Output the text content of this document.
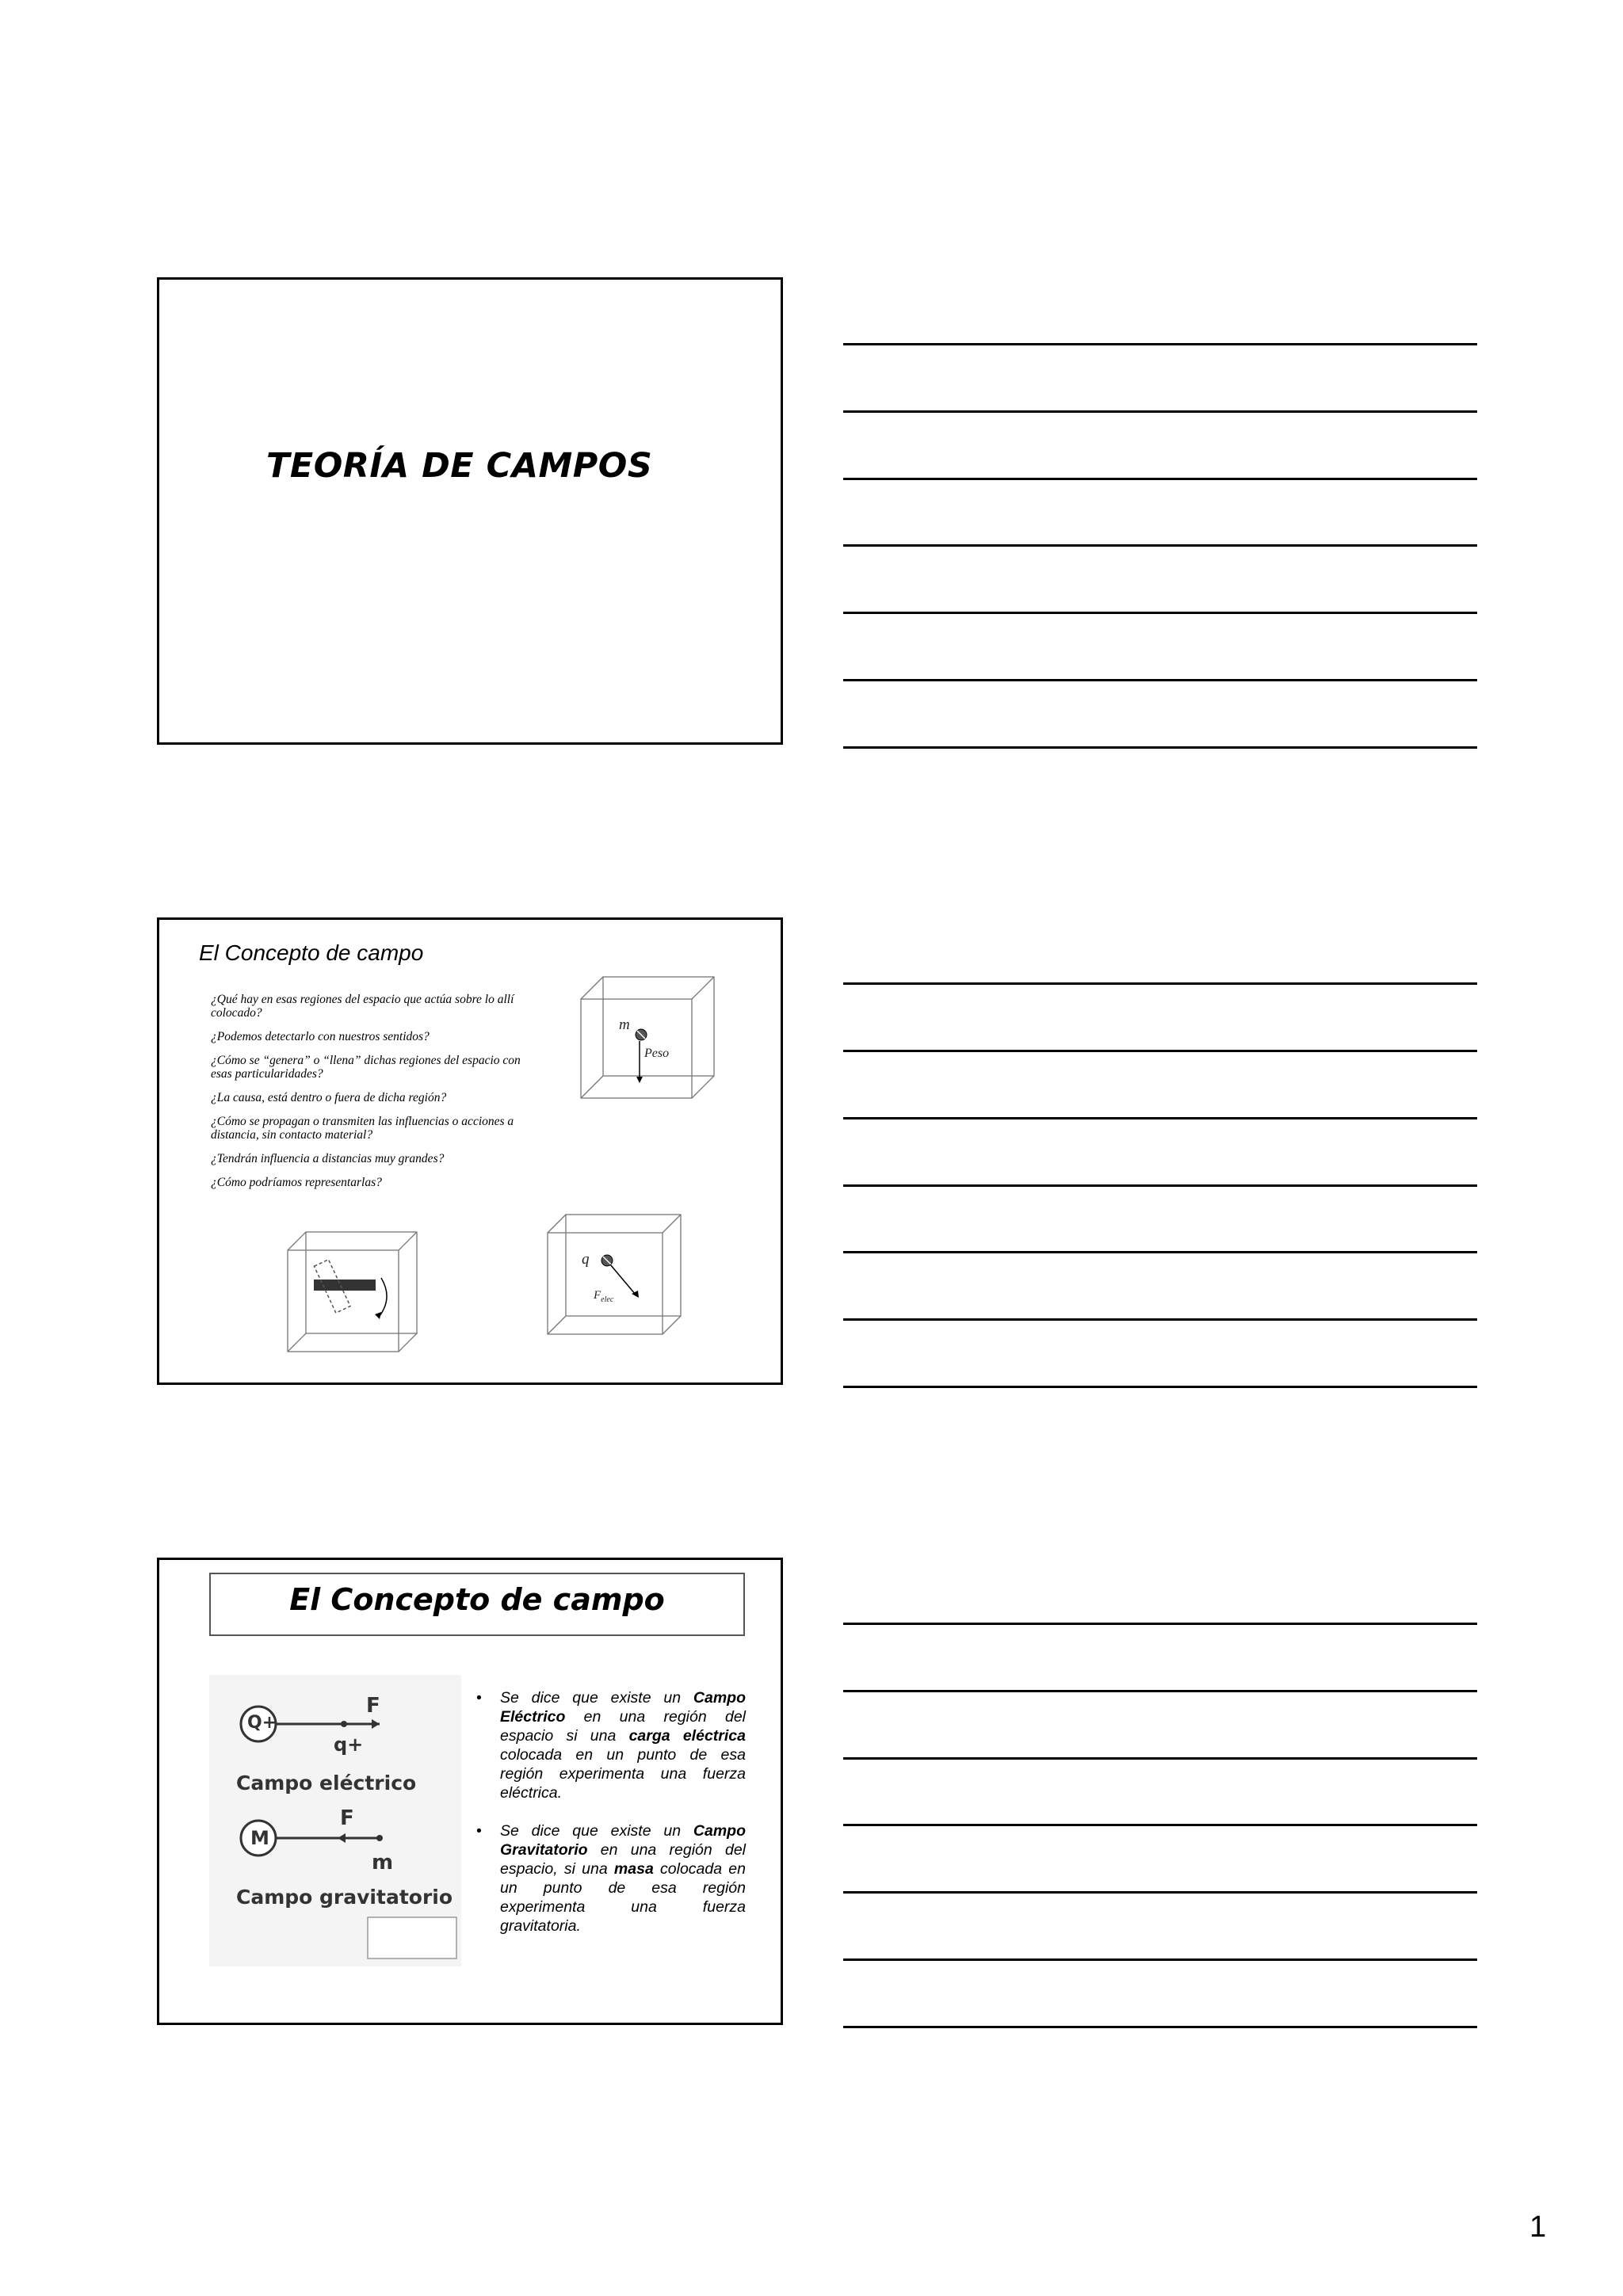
TEORÍA DE CAMPOS
El Concepto de campo
¿Qué hay en esas regiones del espacio que actúa sobre lo allí colocado?
¿Podemos detectarlo con nuestros sentidos?
¿Cómo se “genera” o “llena” dichas regiones del espacio con esas particularidades?
¿La causa, está dentro o fuera de dicha región?
¿Cómo se propagan o transmiten las influencias o acciones a distancia, sin contacto material?
¿Tendrán influencia a distancias muy grandes?
¿Cómo podríamos representarlas?
m
Peso
q
$F_{elec}$
El Concepto de campo
Q+
F
q+
Campo eléctrico
M
F
m
Campo gravitatorio
• Se dice que existe un Campo Eléctrico en una región del espacio si una carga eléctrica colocada en un punto de esa región experimenta una fuerza eléctrica.
• Se dice que existe un Campo Gravitatorio en una región del espacio, si una masa colocada en un punto de esa región experimenta una fuerza gravitatoria.
1
